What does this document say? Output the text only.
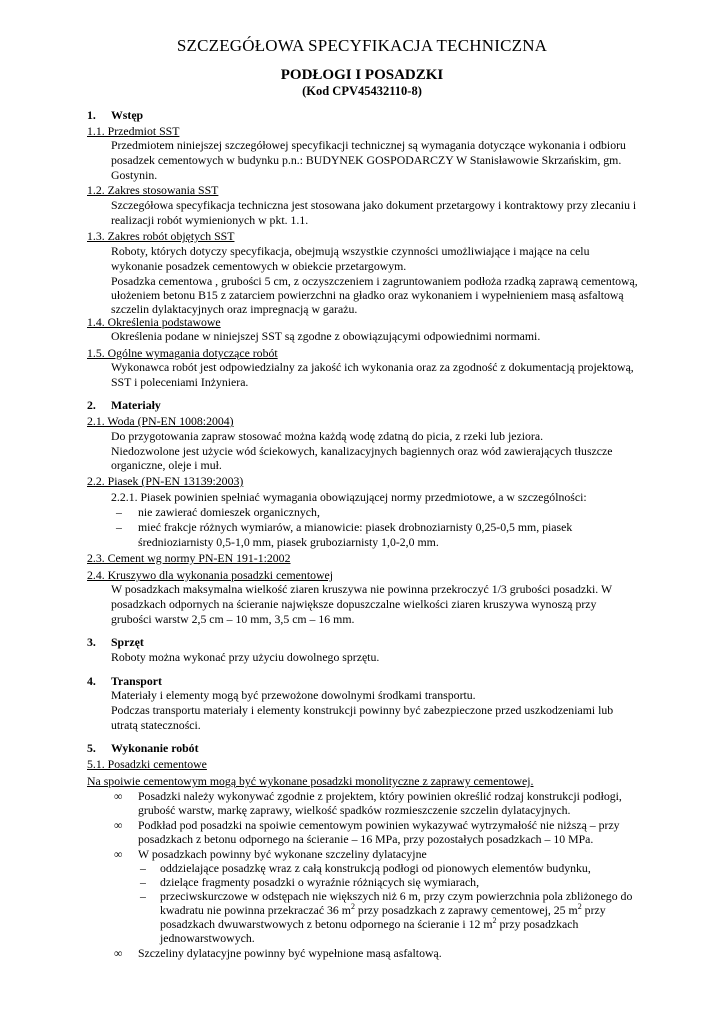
SZCZEGÓŁOWA SPECYFIKACJA TECHNICZNA
PODŁOGI I POSADZKI
(Kod CPV45432110-8)
1. Wstęp
1.1. Przedmiot SST
Przedmiotem niniejszej szczegółowej specyfikacji technicznej są wymagania dotyczące wykonania i odbioru
posadzek cementowych w budynku p.n.: BUDYNEK GOSPODARCZY W Stanisławowie Skrzańskim, gm.
Gostynin.
1.2. Zakres stosowania SST
Szczegółowa specyfikacja techniczna jest stosowana jako dokument przetargowy i kontraktowy przy zlecaniu i
realizacji robót wymienionych w pkt. 1.1.
1.3. Zakres robót objętych SST
Roboty, których dotyczy specyfikacja, obejmują wszystkie czynności umożliwiające i mające na celu
wykonanie posadzek cementowych w obiekcie przetargowym.
Posadzka cementowa , grubości 5 cm, z oczyszczeniem i zagruntowaniem podłoża rzadką zaprawą cementową,
ułożeniem betonu B15 z zatarciem powierzchni na gładko oraz wykonaniem i wypełnieniem masą asfaltową
szczelin dylaktacyjnych oraz impregnacją w garażu.
1.4. Określenia podstawowe
Określenia podane w niniejszej SST są zgodne z obowiązującymi odpowiednimi normami.
1.5. Ogólne wymagania dotyczące robót
Wykonawca robót jest odpowiedzialny za jakość ich wykonania oraz za zgodność z dokumentacją projektową,
SST i poleceniami Inżyniera.
2. Materiały
2.1. Woda (PN-EN 1008:2004)
Do przygotowania zapraw stosować można każdą wodę zdatną do picia, z rzeki lub jeziora.
Niedozwolone jest użycie wód ściekowych, kanalizacyjnych bagiennych oraz wód zawierających tłuszcze
organiczne, oleje i muł.
2.2. Piasek (PN-EN 13139:2003)
2.2.1. Piasek powinien spełniać wymagania obowiązującej normy przedmiotowe, a w szczególności:
– nie zawierać domieszek organicznych,
– mieć frakcje różnych wymiarów, a mianowicie: piasek drobnoziarnisty 0,25-0,5 mm, piasek
średnioziarnisty 0,5-1,0 mm, piasek gruboziarnisty 1,0-2,0 mm.
2.3. Cement wg normy PN-EN 191-1:2002
2.4. Kruszywo dla wykonania posadzki cementowej
W posadzkach maksymalna wielkość ziaren kruszywa nie powinna przekroczyć 1/3 grubości posadzki. W
posadzkach odpornych na ścieranie największe dopuszczalne wielkości ziaren kruszywa wynoszą przy
grubości warstw 2,5 cm – 10 mm, 3,5 cm – 16 mm.
3. Sprzęt
Roboty można wykonać przy użyciu dowolnego sprzętu.
4. Transport
Materiały i elementy mogą być przewożone dowolnymi środkami transportu.
Podczas transportu materiały i elementy konstrukcji powinny być zabezpieczone przed uszkodzeniami lub
utratą stateczności.
5. Wykonanie robót
5.1. Posadzki cementowe
Na spoiwie cementowym mogą być wykonane posadzki monolityczne z zaprawy cementowej.
∞ Posadzki należy wykonywać zgodnie z projektem, który powinien określić rodzaj konstrukcji podłogi,
grubość warstw, markę zaprawy, wielkość spadków rozmieszczenie szczelin dylatacyjnych.
∞ Podkład pod posadzki na spoiwie cementowym powinien wykazywać wytrzymałość nie niższą – przy
posadzkach z betonu odpornego na ścieranie – 16 MPa, przy pozostałych posadzkach – 10 MPa.
∞ W posadzkach powinny być wykonane szczeliny dylatacyjne
– oddzielające posadzkę wraz z całą konstrukcją podłogi od pionowych elementów budynku,
– dzielące fragmenty posadzki o wyraźnie różniących się wymiarach,
– przeciwskurczowe w odstępach nie większych niż 6 m, przy czym powierzchnia pola zbliżonego do
kwadratu nie powinna przekraczać 36 $m^2$ przy posadzkach z zaprawy cementowej, 25 $m^2$ przy
posadzkach dwuwarstwowych z betonu odpornego na ścieranie i 12 $m^2$ przy posadzkach
jednowarstwowych.
∞ Szczeliny dylatacyjne powinny być wypełnione masą asfaltową.
